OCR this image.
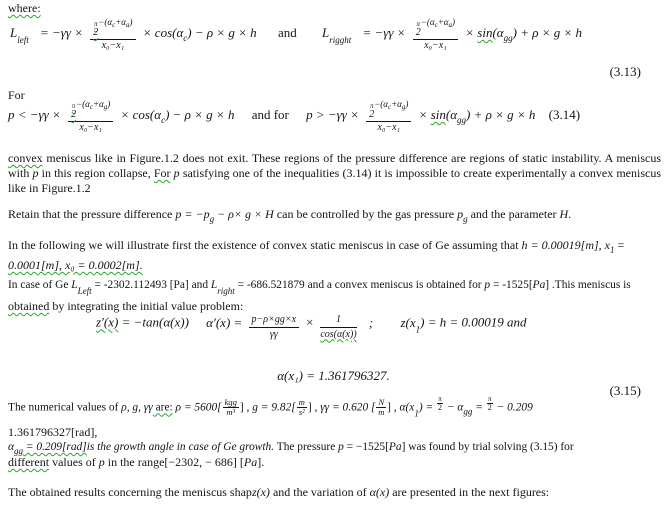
where:
$L_{left} = -\gamma\gamma \times \pi$
2
$-(\alpha_c+\alpha_a)$
$x_0-x_1 \times \cos(\alpha_c) - \rho \times g \times h$ and $L_{rigght} = -\gamma\gamma \times \pi$
2
$-(\alpha_c+\alpha_a)$
$x_0-x_1 \times \sin(\alpha_{gg}) + \rho \times g \times h$
(3.13)
For
p < −γγ × π
2
$-(\alpha_c+\alpha_g)$
$x_0-x_1 \times \cos(\alpha_c) - \rho \times g \times h$ and for p > −γγ × π
2
$-(\alpha_c+\alpha_g)$
$x_0-x_1 \times \sin(\alpha_{gg}) + \rho \times g \times h$ (3.14)
convex meniscus like in Figure.1.2 does not exit. These regions of the pressure difference are regions of static instability. A meniscus with p in this region collapse, For p satisfying one of the inequalities (3.14) it is impossible to create experimentally a convex meniscus like in Figure.1.2
Retain that the pressure difference $p = -p_g - \rho\times g \times H$ can be controlled by the gas pressure $p_g$ and the parameter H.
In the following we will illustrate first the existence of convex static meniscus in case of Ge assuming that h = 0.00019[m], $x_1$ =
0.0001[m], x₀ = 0.0002[m].
In case of Ge $L_{Left} = -2302.112493$ [Pa] and $L_{right} = -686.521879$ and a convex meniscus is obtained for p = -1525[Pa] .This meniscus is
obtained by integrating the initial value problem:
z′(x) = −tan(α(x)) $\alpha'(x) = \frac{p-\rho\times gg\times x}{\gamma\gamma} \times \frac{1}{\cos(\alpha(x))}$ ; $z(x_1) = h = 0.00019$ and
α(x₁) = 1.361796327.
(3.15)
The numerical values of ρ, g, γγ are: ρ = 5600[ kgg
m³ ] , $g = 9.82[ \frac{m}{\text{s²}}]$ , γγ = 0.620 [ $\frac{N}{m}$] , $\alpha(x_1) = \frac{\pi}{2} - \alpha_{gg} = \frac{\pi}{2} - 0.209$
1.361796327[rad],
$\alpha_{gg} = 0.209[rad]is$ the growth angle in case of Ge growth. The pressure p = −1525[Pa] was found by trial solving (3.15) for
different values of p in the range[−2302, − 686] [Pa].
The obtained results concerning the meniscus shapz(x) and the variation of α(x) are presented in the next figures:
